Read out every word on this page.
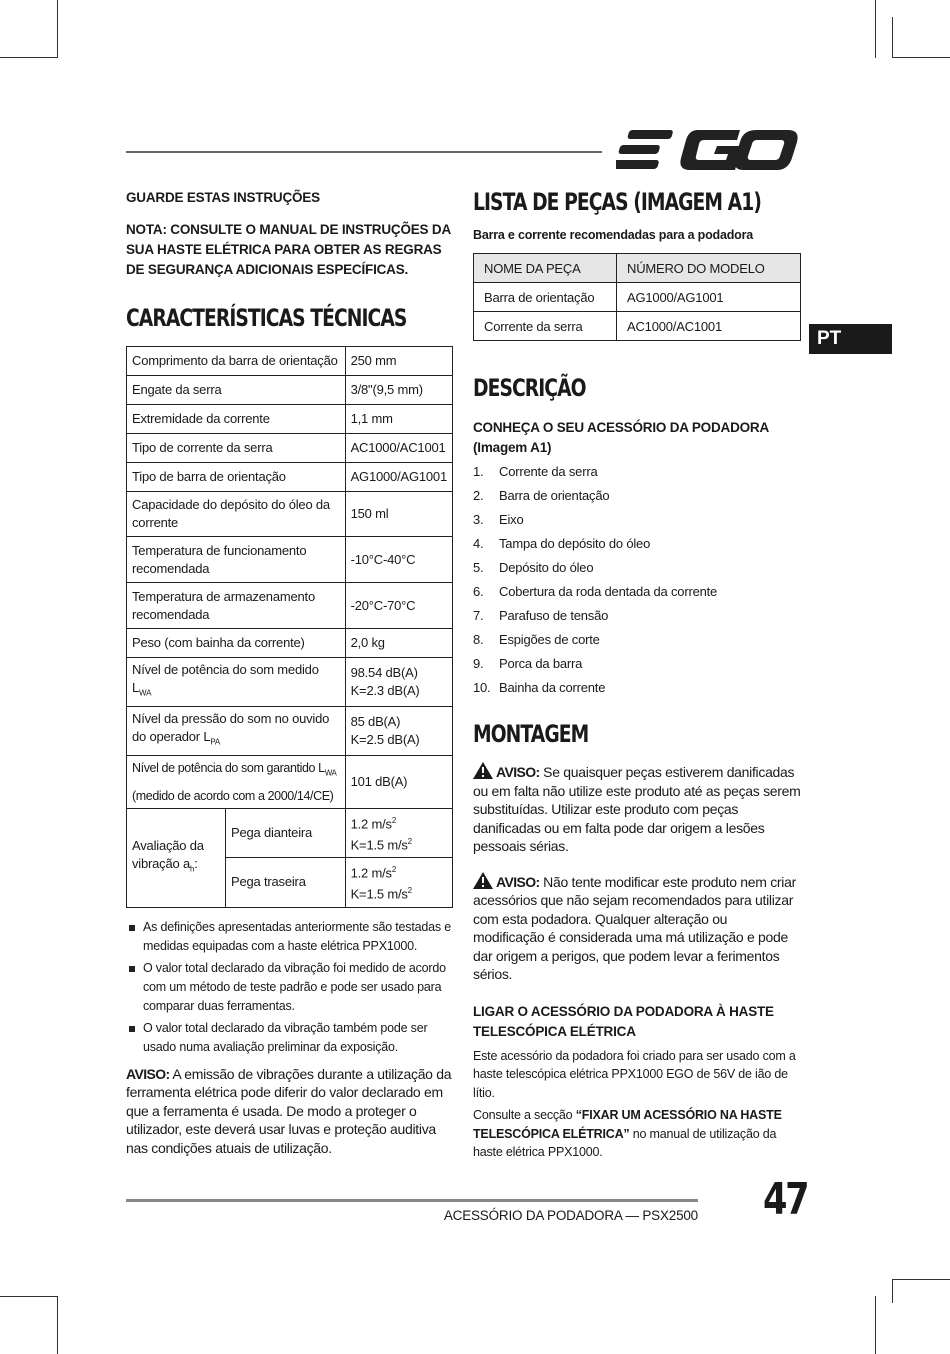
GUARDE ESTAS INSTRUÇÕES
NOTA: CONSULTE O MANUAL DE INSTRUÇÕES DA SUA HASTE ELÉTRICA PARA OBTER AS REGRAS DE SEGURANÇA ADICIONAIS ESPECÍFICAS.
CARACTERÍSTICAS TÉCNICAS
Comprimento da barra de orientação		250 mm
Engate da serra		3/8"(9,5 mm)
Extremidade da corrente		1,1 mm
Tipo de corrente da serra		AC1000/AC1001
Tipo de barra de orientação		AG1000/AG1001
Capacidade do depósito do óleo da corrente		150 ml
Temperatura de funcionamento recomendada		-10°C-40°C
Temperatura de armazenamento recomendada		-20°C-70°C
Peso (com bainha da corrente)		2,0 kg
Nível de potência do som medido $L_{WA}$		98.54 dB(A)
K=2.3 dB(A)

Nível da pressão do som no ouvido do operador $L_{PA}$		85 dB(A)
K=2.5 dB(A)

Nível de potência do som garantido $L_{WA}$
(medido de acordo com a 2000/14/CE)		101 dB(A)
Avaliação da vibração $a_h$:	Pega dianteira	1.2 $m/s^2$
K=1.5 $m/s^2$

	Pega traseira	1.2 $m/s^2$
K=1.5 $m/s^2$
As definições apresentadas anteriormente são testadas e medidas equipadas com a haste elétrica PPX1000.
O valor total declarado da vibração foi medido de acordo com um método de teste padrão e pode ser usado para comparar duas ferramentas.
O valor total declarado da vibração também pode ser usado numa avaliação preliminar da exposição.

AVISO: A emissão de vibrações durante a utilização da ferramenta elétrica pode diferir do valor declarado em que a ferramenta é usada. De modo a proteger o utilizador, este deverá usar luvas e proteção auditiva nas condições atuais de utilização.

LISTA DE PEÇAS (IMAGEM A1)
Barra e corrente recomendadas para a podadora
NOME DA PEÇA	NÚMERO DO MODELO
Barra de orientação	AG1000/AG1001
Corrente da serra	AC1000/AC1001
DESCRIÇÃO
CONHEÇA O SEU ACESSÓRIO DA PODADORA (Imagem A1)
1. Corrente da serra
2. Barra de orientação
3. Eixo
4. Tampa do depósito do óleo
5. Depósito do óleo
6. Cobertura da roda dentada da corrente
7. Parafuso de tensão
8. Espigões de corte
9. Porca da barra
10. Bainha da corrente
MONTAGEM

AVISO: Se quaisquer peças estiverem danificadas ou em falta não utilize este produto até as peças serem substituídas. Utilizar este produto com peças danificadas ou em falta pode dar origem a lesões pessoais sérias.

AVISO: Não tente modificar este produto nem criar acessórios que não sejam recomendados para utilizar com esta podadora. Qualquer alteração ou modificação é considerada uma má utilização e pode dar origem a perigos, que podem levar a ferimentos sérios.

LIGAR O ACESSÓRIO DA PODADORA À HASTE TELESCÓPICA ELÉTRICA

Este acessório da podadora foi criado para ser usado com a haste telescópica elétrica PPX1000 EGO de 56V de ião de lítio.

Consulte a secção “FIXAR UM ACESSÓRIO NA HASTE TELESCÓPICA ELÉTRICA” no manual de utilização da haste elétrica PPX1000.

PT
ACESSÓRIO DA PODADORA — PSX2500 47
